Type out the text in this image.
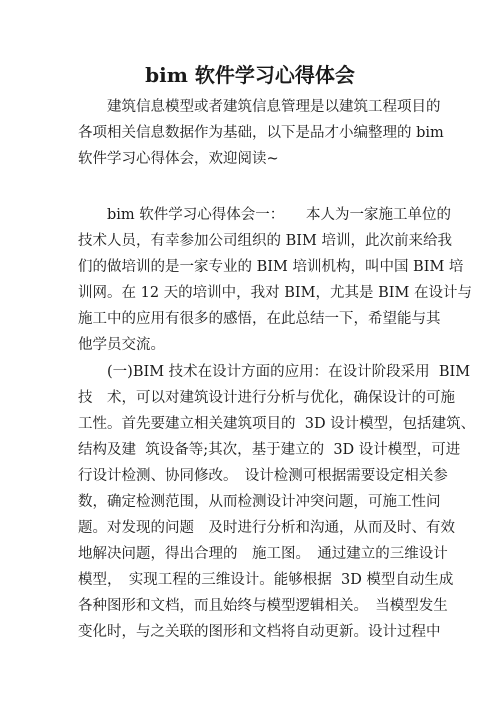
bim 软件学习心得体会
　　建筑信息模型或者建筑信息管理是以建筑工程项目的
各项相关信息数据作为基础，以下是品才小编整理的 bim
软件学习心得体会，欢迎阅读~
　　bim 软件学习心得体会一：　　本人为一家施工单位的
技术人员，有幸参加公司组织的 BIM 培训，此次前来给我
们的做培训的是一家专业的 BIM 培训机构，叫中国 BIM 培
训网。在 12 天的培训中，我对 BIM，尤其是 BIM 在设计与
施工中的应用有很多的感悟，在此总结一下，希望能与其
他学员交流。
　　(一)BIM 技术在设计方面的应用：在设计阶段采用  BIM
技　术，可以对建筑设计进行分析与优化，确保设计的可施
工性。首先要建立相关建筑项目的  3D 设计模型，包括建筑、
结构及建  筑设备等;其次，基于建立的  3D 设计模型，可进
行设计检测、协同修改。　设计检测可根据需要设定相关参
数，确定检测范围，从而检测设计冲突问题，可施工性问
题。对发现的问题　及时进行分析和沟通，从而及时、有效
地解决问题，得出合理的　施工图。　通过建立的三维设计
模型，　实现工程的三维设计。能够根据  3D 模型自动生成
各种图形和文档，而且始终与模型逻辑相关。　当模型发生
变化时，与之关联的图形和文档将自动更新。设计过程中
